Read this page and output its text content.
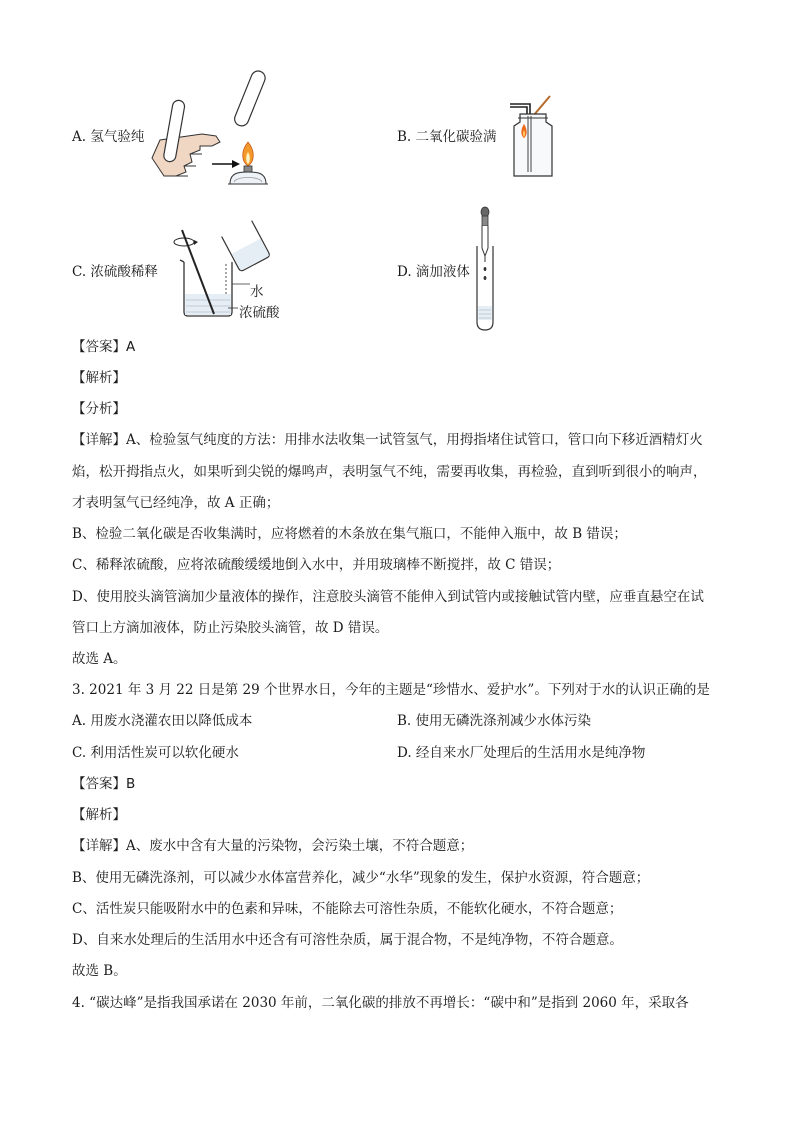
A. 氢气验纯	B. 二氧化碳验满
C. 浓硫酸稀释
水
浓硫酸
D. 滴加液体
【答案】A
【解析】
【分析】
【详解】A、检验氢气纯度的方法：用排水法收集一试管氢气，用拇指堵住试管口，管口向下移近酒精灯火
焰，松开拇指点火，如果听到尖锐的爆鸣声，表明氢气不纯，需要再收集，再检验，直到听到很小的响声，
才表明氢气已经纯净，故 A 正确；
B、检验二氧化碳是否收集满时，应将燃着的木条放在集气瓶口，不能伸入瓶中，故 B 错误；
C、稀释浓硫酸，应将浓硫酸缓缓地倒入水中，并用玻璃棒不断搅拌，故 C 错误；
D、使用胶头滴管滴加少量液体的操作，注意胶头滴管不能伸入到试管内或接触试管内壁，应垂直悬空在试
管口上方滴加液体，防止污染胶头滴管，故 D 错误。
故选 A。
3. 2021 年 3 月 22 日是第 29 个世界水日，今年的主题是“珍惜水、爱护水”。下列对于水的认识正确的是
A. 用废水浇灌农田以降低成本	B. 使用无磷洗涤剂减少水体污染
C. 利用活性炭可以软化硬水	D. 经自来水厂处理后的生活用水是纯净物
【答案】B
【解析】
【详解】A、废水中含有大量的污染物，会污染土壤，不符合题意；
B、使用无磷洗涤剂，可以减少水体富营养化，减少“水华”现象的发生，保护水资源，符合题意；
C、活性炭只能吸附水中的色素和异味，不能除去可溶性杂质，不能软化硬水，不符合题意；
D、自来水处理后的生活用水中还含有可溶性杂质，属于混合物，不是纯净物，不符合题意。
故选 B。
4. “碳达峰”是指我国承诺在 2030 年前，二氧化碳的排放不再增长：“碳中和”是指到 2060 年，采取各
